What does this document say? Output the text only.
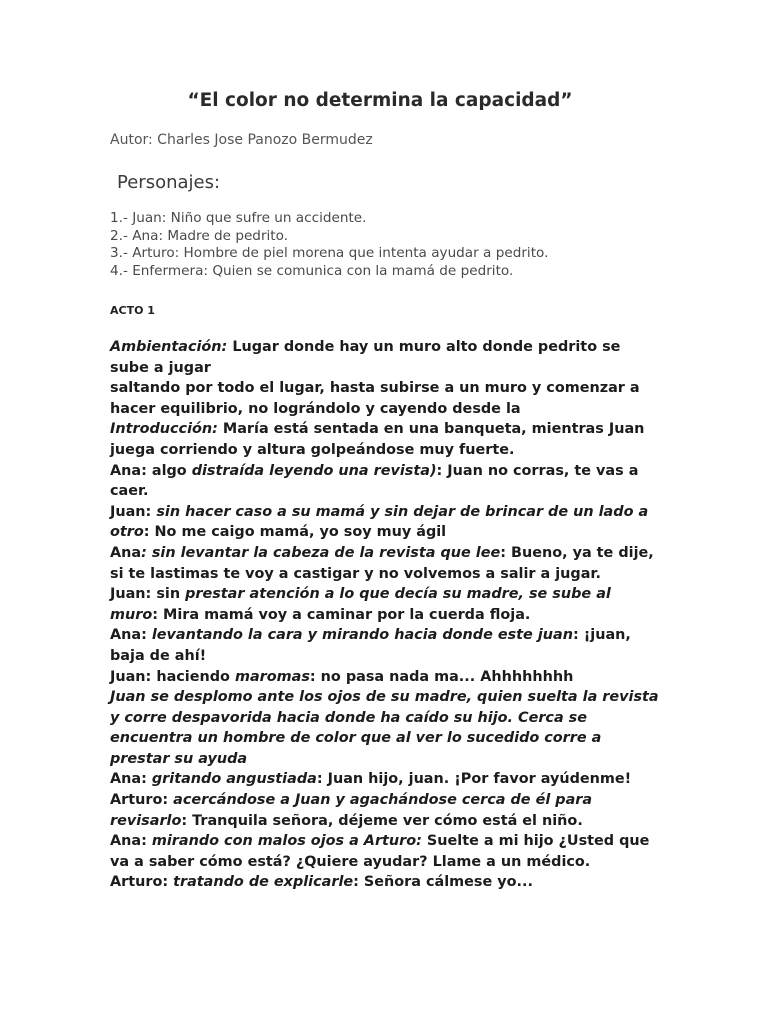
“El color no determina la capacidad”
Autor: Charles Jose Panozo Bermudez
Personajes:
1.- Juan: Niño que sufre un accidente.
2.- Ana: Madre de pedrito.
3.- Arturo: Hombre de piel morena que intenta ayudar a pedrito.
4.- Enfermera: Quien se comunica con la mamá de pedrito.
ACTO 1

Ambientación: Lugar donde hay un muro alto donde pedrito se sube a jugar

saltando por todo el lugar, hasta subirse a un muro y comenzar a hacer equilibrio, no lográndolo y cayendo desde la

Introducción: María está sentada en una banqueta, mientras Juan juega corriendo y altura golpeándose muy fuerte.

Ana: algo distraída leyendo una revista): Juan no corras, te vas a caer.

Juan: sin hacer caso a su mamá y sin dejar de brincar de un lado a otro: No me caigo mamá, yo soy muy ágil

Ana: sin levantar la cabeza de la revista que lee: Bueno, ya te dije, si te lastimas te voy a castigar y no volvemos a salir a jugar.

Juan: sin prestar atención a lo que decía su madre, se sube al muro: Mira mamá voy a caminar por la cuerda floja.

Ana: levantando la cara y mirando hacia donde este juan: ¡juan, baja de ahí!

Juan: haciendo maromas: no pasa nada ma... Ahhhhhhhh

Juan se desplomo ante los ojos de su madre, quien suelta la revista y corre despavorida hacia donde ha caído su hijo. Cerca se encuentra un hombre de color que al ver lo sucedido corre a prestar su ayuda

Ana: gritando angustiada: Juan hijo, juan. ¡Por favor ayúdenme!

Arturo: acercándose a Juan y agachándose cerca de él para revisarlo: Tranquila señora, déjeme ver cómo está el niño.

Ana: mirando con malos ojos a Arturo: Suelte a mi hijo ¿Usted que va a saber cómo está? ¿Quiere ayudar? Llame a un médico.

Arturo: tratando de explicarle: Señora cálmese yo...
